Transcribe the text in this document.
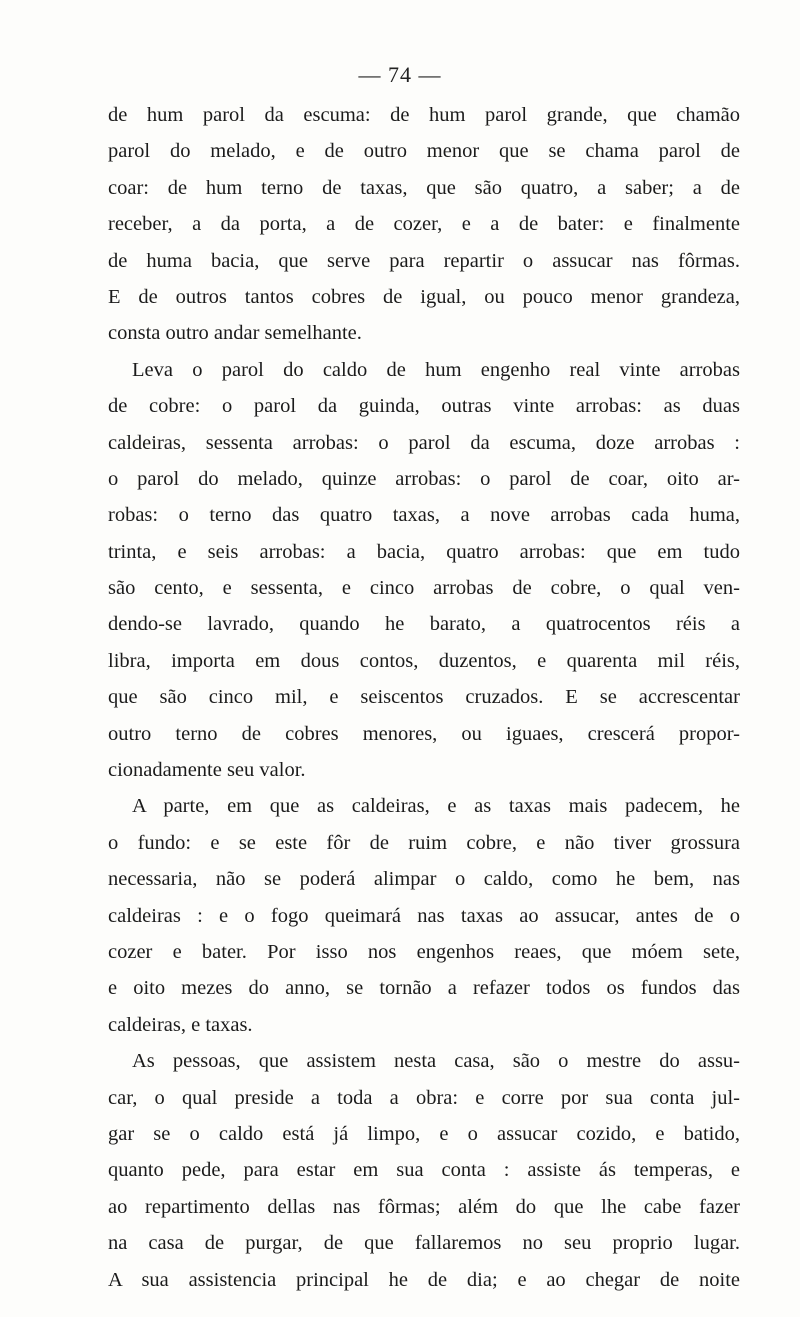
— 74 —
de hum parol da escuma: de hum parol grande, que chamão
parol do melado, e de outro menor que se chama parol de
coar: de hum terno de taxas, que são quatro, a saber; a de
receber, a da porta, a de cozer, e a de bater: e finalmente
de huma bacia, que serve para repartir o assucar nas fôrmas.
E de outros tantos cobres de igual, ou pouco menor grandeza,
consta outro andar semelhante.
Leva o parol do caldo de hum engenho real vinte arrobas
de cobre: o parol da guinda, outras vinte arrobas: as duas
caldeiras, sessenta arrobas: o parol da escuma, doze arrobas :
o parol do melado, quinze arrobas: o parol de coar, oito ar-
robas: o terno das quatro taxas, a nove arrobas cada huma,
trinta, e seis arrobas: a bacia, quatro arrobas: que em tudo
são cento, e sessenta, e cinco arrobas de cobre, o qual ven-
dendo-se lavrado, quando he barato, a quatrocentos réis a
libra, importa em dous contos, duzentos, e quarenta mil réis,
que são cinco mil, e seiscentos cruzados. E se accrescentar
outro terno de cobres menores, ou iguaes, crescerá propor-
cionadamente seu valor.
A parte, em que as caldeiras, e as taxas mais padecem, he
o fundo: e se este fôr de ruim cobre, e não tiver grossura
necessaria, não se poderá alimpar o caldo, como he bem, nas
caldeiras : e o fogo queimará nas taxas ao assucar, antes de o
cozer e bater. Por isso nos engenhos reaes, que móem sete,
e oito mezes do anno, se tornão a refazer todos os fundos das
caldeiras, e taxas.
As pessoas, que assistem nesta casa, são o mestre do assu-
car, o qual preside a toda a obra: e corre por sua conta jul-
gar se o caldo está já limpo, e o assucar cozido, e batido,
quanto pede, para estar em sua conta : assiste ás temperas, e
ao repartimento dellas nas fôrmas; além do que lhe cabe fazer
na casa de purgar, de que fallaremos no seu proprio lugar.
A sua assistencia principal he de dia; e ao chegar de noite
